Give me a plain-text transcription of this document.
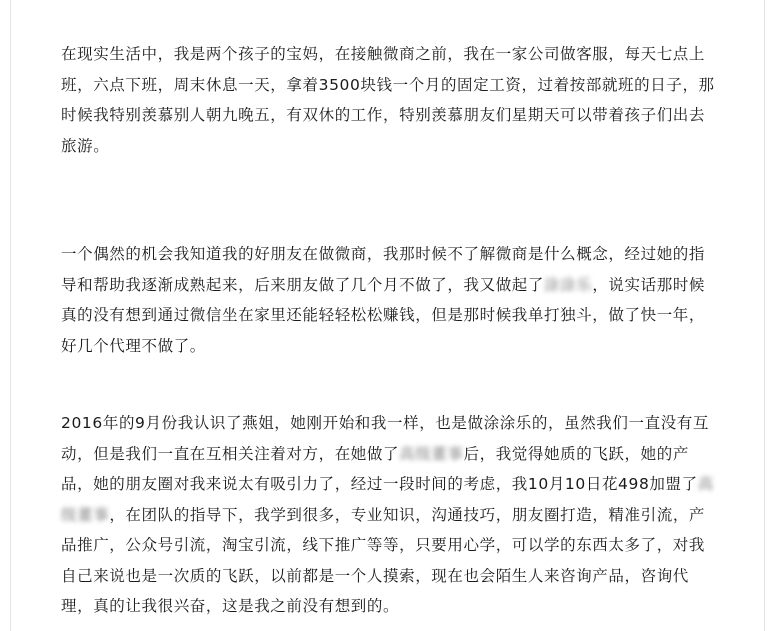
在现实生活中，我是两个孩子的宝妈，在接触微商之前，我在一家公司做客服，每天七点上
班，六点下班，周末休息一天，拿着3500块钱一个月的固定工资，过着按部就班的日子，那
时候我特别羡慕别人朝九晚五，有双休的工作，特别羡慕朋友们星期天可以带着孩子们出去
旅游。

一个偶然的机会我知道我的好朋友在做微商，我那时候不了解微商是什么概念，经过她的指
导和帮助我逐渐成熟起来，后来朋友做了几个月不做了，我又做起了涂涂乐，说实话那时候
真的没有想到通过微信坐在家里还能轻轻松松赚钱，但是那时候我单打独斗，做了快一年，
好几个代理不做了。

2016年的9月份我认识了燕姐，她刚开始和我一样，也是做涂涂乐的，虽然我们一直没有互
动，但是我们一直在互相关注着对方，在她做了高级董事后，我觉得她质的飞跃，她的产
品，她的朋友圈对我来说太有吸引力了，经过一段时间的考虑，我10月10日花498加盟了高
级董事，在团队的指导下，我学到很多，专业知识，沟通技巧，朋友圈打造，精准引流，产
品推广，公众号引流，淘宝引流，线下推广等等，只要用心学，可以学的东西太多了，对我
自己来说也是一次质的飞跃，以前都是一个人摸索，现在也会陌生人来咨询产品，咨询代
理，真的让我很兴奋，这是我之前没有想到的。
